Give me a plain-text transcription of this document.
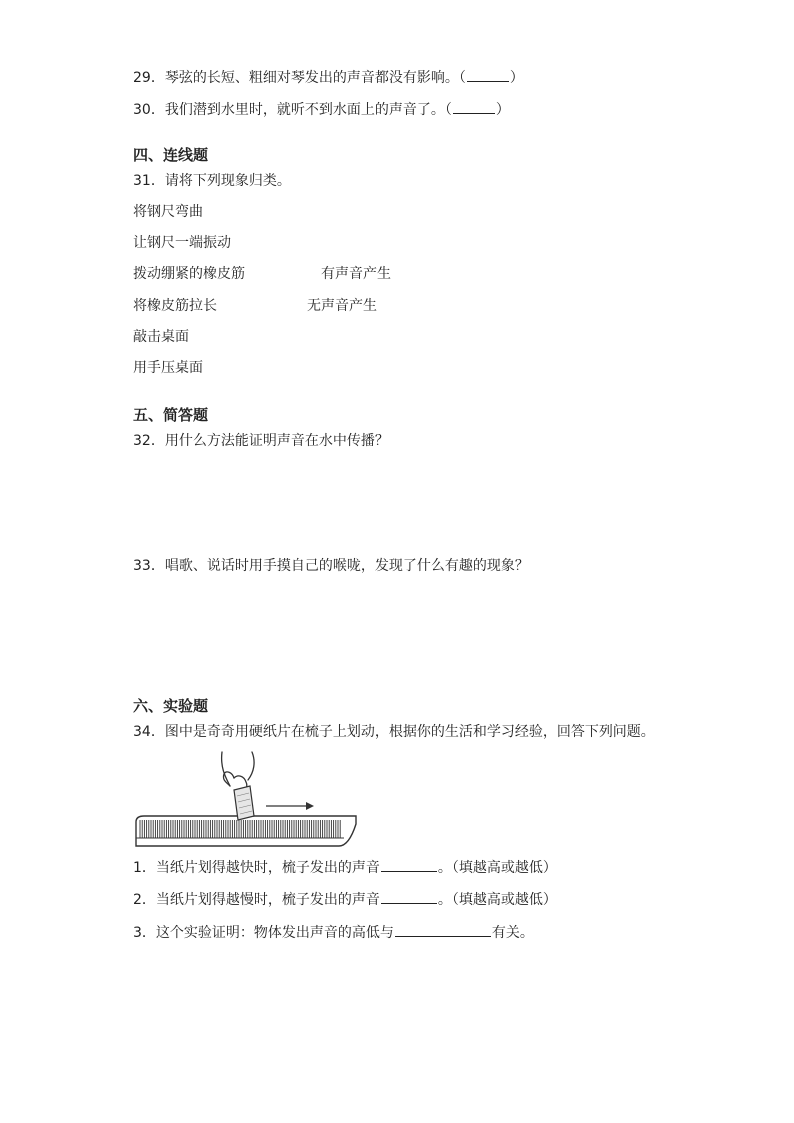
29．琴弦的长短、粗细对琴发出的声音都没有影响。（	）
30．我们潜到水里时，就听不到水面上的声音了。（	）
四、连线题
31．请将下列现象归类。
将钢尺弯曲
让钢尺一端振动
拨动绷紧的橡皮筋	有声音产生
将橡皮筋拉长	无声音产生
敲击桌面
用手压桌面
五、简答题
32．用什么方法能证明声音在水中传播？
33．唱歌、说话时用手摸自己的喉咙，发现了什么有趣的现象？
六、实验题
34．图中是奇奇用硬纸片在梳子上划动，根据你的生活和学习经验，回答下列问题。
1．当纸片划得越快时，梳子发出的声音	。（填越高或越低）
2．当纸片划得越慢时，梳子发出的声音	。（填越高或越低）
3．这个实验证明：物体发出声音的高低与	有关。
